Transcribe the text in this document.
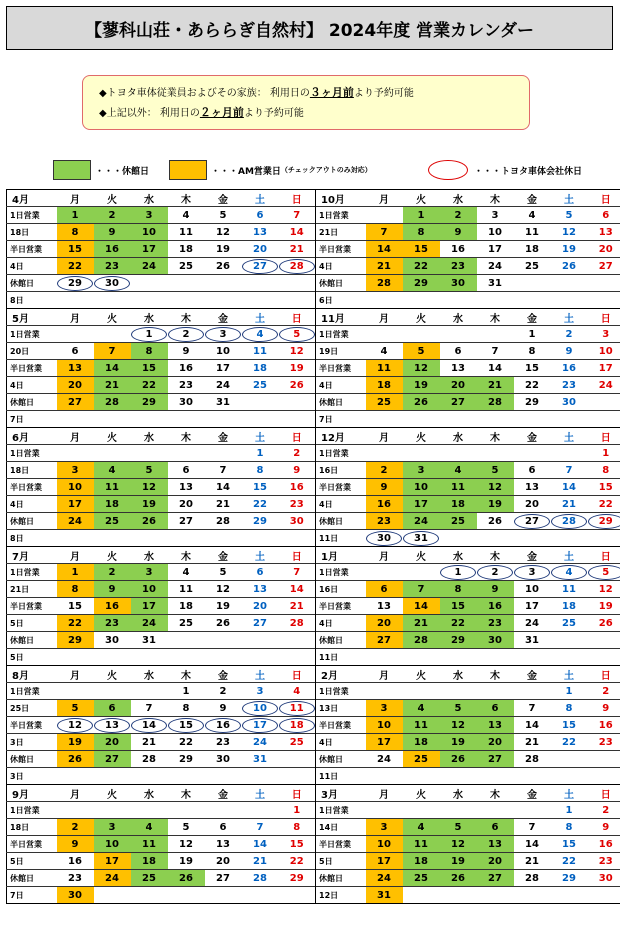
【蓼科山荘・あららぎ自然村】 2024年度 営業カレンダー
◆トヨタ車体従業員およびその家族： 利用日の３ヶ月前より予約可能
◆上記以外： 利用日の２ヶ月前より予約可能
・・・休館日	・・・AM営業日 （チェックアウトのみ対応）	・・・トヨタ車体会社休日
4月	月	火	水	木	金	土	日	10月	月	火	水	木	金	土	日
1日営業	1	2	3	4	5	6	7	1日営業		1	2	3	4	5	6
18日	8	9	10	11	12	13	14	21日	7	8	9	10	11	12	13
半日営業	15	16	17	18	19	20	21	半日営業	14	15	16	17	18	19	20
4日	22	23	24	25	26	27	28	4日	21	22	23	24	25	26	27
休館日	29	30						休館日	28	29	30	31			
8日								6日							
5月	月	火	水	木	金	土	日	11月	月	火	水	木	金	土	日
1日営業			1	2	3	4	5	1日営業					1	2	3
20日	6	7	8	9	10	11	12	19日	4	5	6	7	8	9	10
半日営業	13	14	15	16	17	18	19	半日営業	11	12	13	14	15	16	17
4日	20	21	22	23	24	25	26	4日	18	19	20	21	22	23	24
休館日	27	28	29	30	31			休館日	25	26	27	28	29	30	
7日								7日							
6月	月	火	水	木	金	土	日	12月	月	火	水	木	金	土	日
1日営業						1	2	1日営業							1
18日	3	4	5	6	7	8	9	16日	2	3	4	5	6	7	8
半日営業	10	11	12	13	14	15	16	半日営業	9	10	11	12	13	14	15
4日	17	18	19	20	21	22	23	4日	16	17	18	19	20	21	22
休館日	24	25	26	27	28	29	30	休館日	23	24	25	26	27	28	29
8日								11日	30	31					
7月	月	火	水	木	金	土	日	1月	月	火	水	木	金	土	日
1日営業	1	2	3	4	5	6	7	1日営業			1	2	3	4	5
21日	8	9	10	11	12	13	14	16日	6	7	8	9	10	11	12
半日営業	15	16	17	18	19	20	21	半日営業	13	14	15	16	17	18	19
5日	22	23	24	25	26	27	28	4日	20	21	22	23	24	25	26
休館日	29	30	31					休館日	27	28	29	30	31		
5日								11日							
8月	月	火	水	木	金	土	日	2月	月	火	水	木	金	土	日
1日営業				1	2	3	4	1日営業						1	2
25日	5	6	7	8	9	10	11	13日	3	4	5	6	7	8	9
半日営業	12	13	14	15	16	17	18	半日営業	10	11	12	13	14	15	16
3日	19	20	21	22	23	24	25	4日	17	18	19	20	21	22	23
休館日	26	27	28	29	30	31		休館日	24	25	26	27	28		
3日								11日							
9月	月	火	水	木	金	土	日	3月	月	火	水	木	金	土	日
1日営業							1	1日営業						1	2
18日	2	3	4	5	6	7	8	14日	3	4	5	6	7	8	9
半日営業	9	10	11	12	13	14	15	半日営業	10	11	12	13	14	15	16
5日	16	17	18	19	20	21	22	5日	17	18	19	20	21	22	23
休館日	23	24	25	26	27	28	29	休館日	24	25	26	27	28	29	30
7日	30							12日	31						
